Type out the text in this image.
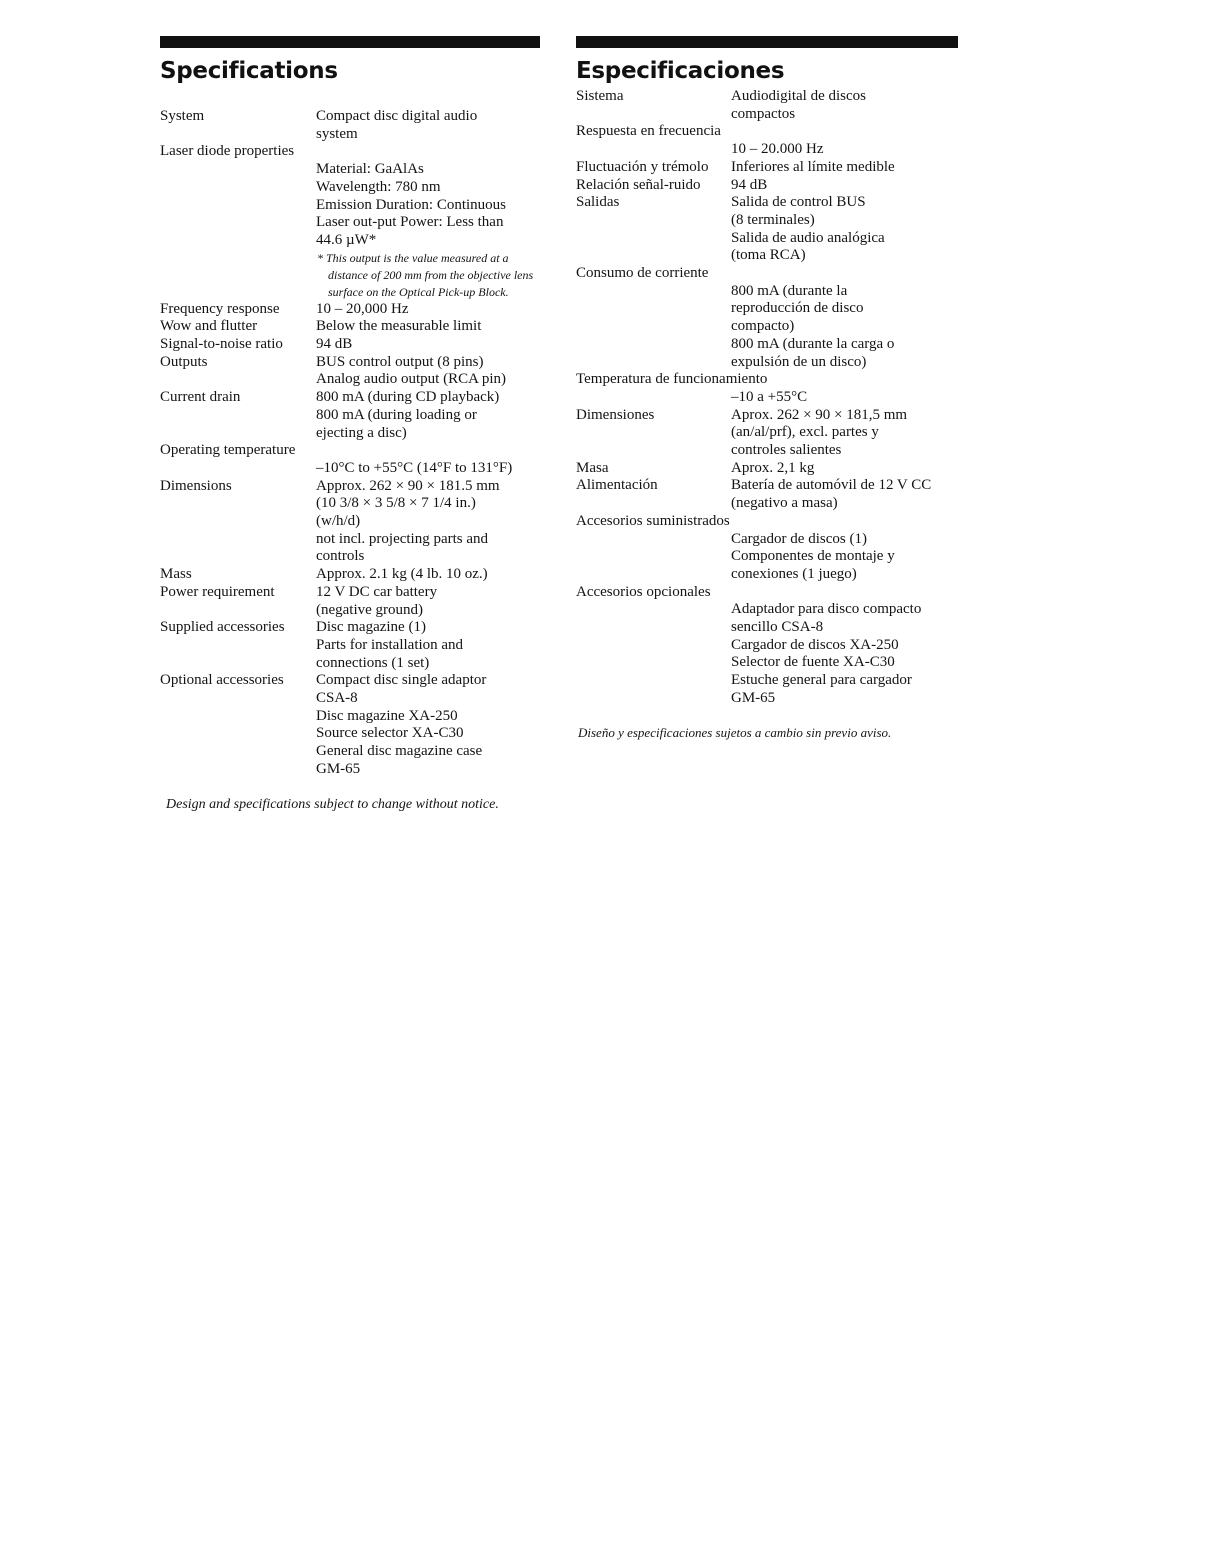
Specifications
System	Compact disc digital audio
system
Laser diode properties
Material: GaAlAs
Wavelength: 780 nm
Emission Duration: Continuous
Laser out-put Power: Less than
44.6 µW*
* This output is the value measured at a distance of 200 mm from the objective lens surface on the Optical Pick-up Block.
Frequency response 10 – 20,000 Hz
Wow and flutter	Below the measurable limit
Signal-to-noise ratio 94 dB
Outputs	BUS control output (8 pins)
Analog audio output (RCA pin)
Current drain	800 mA (during CD playback)
800 mA (during loading or
ejecting a disc)
Operating temperature
–10°C to +55°C (14°F to 131°F)
Dimensions	Approx. 262 × 90 × 181.5 mm
(10 3/8 × 3 5/8 × 7 1/4 in.)
(w/h/d)
not incl. projecting parts and
controls
Mass	Approx. 2.1 kg (4 lb. 10 oz.)
Power requirement	12 V DC car battery
(negative ground)
Supplied accessories Disc magazine (1)
Parts for installation and
connections (1 set)
Optional accessories Compact disc single adaptor
CSA-8
Disc magazine XA-250
Source selector XA-C30
General disc magazine case
GM-65
Design and specifications subject to change without notice.
Especificaciones
Sistema	Audiodigital de discos
compactos
Respuesta en frecuencia
10 – 20.000 Hz
Fluctuación y trémolo Inferiores al límite medible
Relación señal-ruido 94 dB
Salidas	Salida de control BUS
(8 terminales)
Salida de audio analógica
(toma RCA)
Consumo de corriente
800 mA (durante la
reproducción de disco
compacto)
800 mA (durante la carga o
expulsión de un disco)
Temperatura de funcionamiento
–10 a +55°C
Dimensiones	Aprox. 262 × 90 × 181,5 mm
(an/al/prf), excl. partes y
controles salientes
Masa	Aprox. 2,1 kg
Alimentación	Batería de automóvil de 12 V CC
(negativo a masa)
Accesorios suministrados
Cargador de discos (1)
Componentes de montaje y
conexiones (1 juego)
Accesorios opcionales
Adaptador para disco compacto
sencillo CSA-8
Cargador de discos XA-250
Selector de fuente XA-C30
Estuche general para cargador
GM-65
Diseño y especificaciones sujetos a cambio sin previo aviso.
